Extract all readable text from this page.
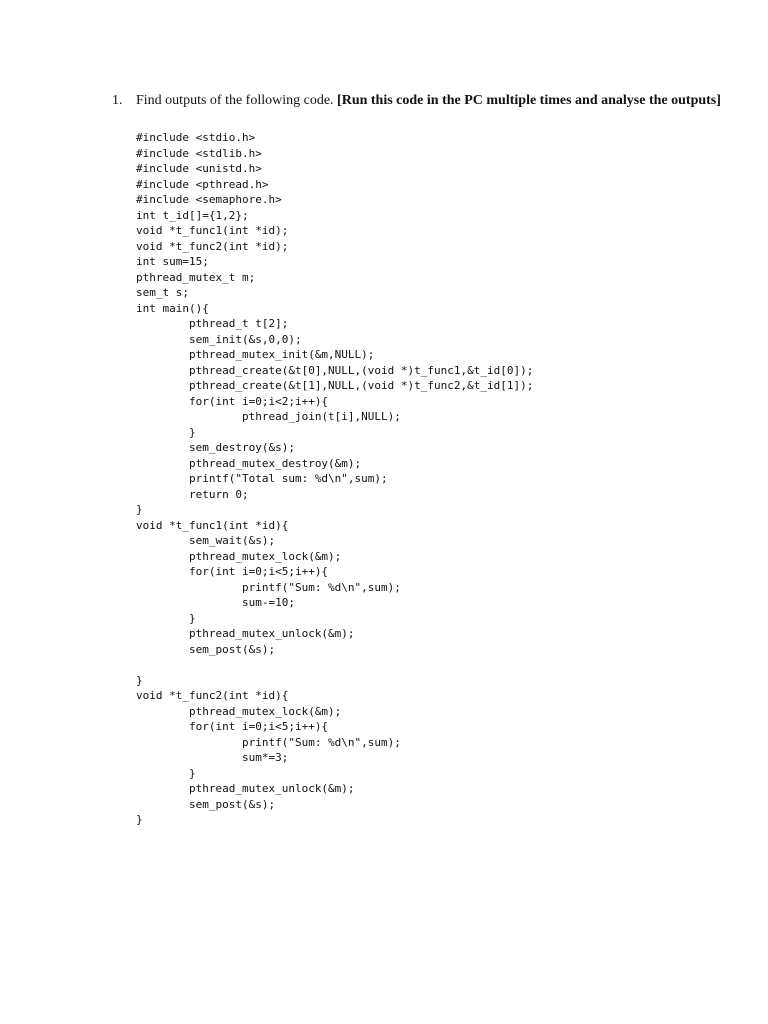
1. Find outputs of the following code. [Run this code in the PC multiple times and analyse the outputs]
#include <stdio.h>
#include <stdlib.h>
#include <unistd.h>
#include <pthread.h>
#include <semaphore.h>
int t_id[]={1,2};
void *t_func1(int *id);
void *t_func2(int *id);
int sum=15;
pthread_mutex_t m;
sem_t s;
int main(){
	pthread_t t[2];
	sem_init(&s,0,0);
	pthread_mutex_init(&m,NULL);
	pthread_create(&t[0],NULL,(void *)t_func1,&t_id[0]);
	pthread_create(&t[1],NULL,(void *)t_func2,&t_id[1]);
	for(int i=0;i<2;i++){
		pthread_join(t[i],NULL);
	}
	sem_destroy(&s);
	pthread_mutex_destroy(&m);
	printf("Total sum: %d\n",sum);
	return 0;
}
void *t_func1(int *id){
	sem_wait(&s);
	pthread_mutex_lock(&m);
	for(int i=0;i<5;i++){
		printf("Sum: %d\n",sum);
		sum-=10;
	}
	pthread_mutex_unlock(&m);
	sem_post(&s);

}
void *t_func2(int *id){
	pthread_mutex_lock(&m);
	for(int i=0;i<5;i++){
		printf("Sum: %d\n",sum);
		sum*=3;
	}
	pthread_mutex_unlock(&m);
	sem_post(&s);
}
